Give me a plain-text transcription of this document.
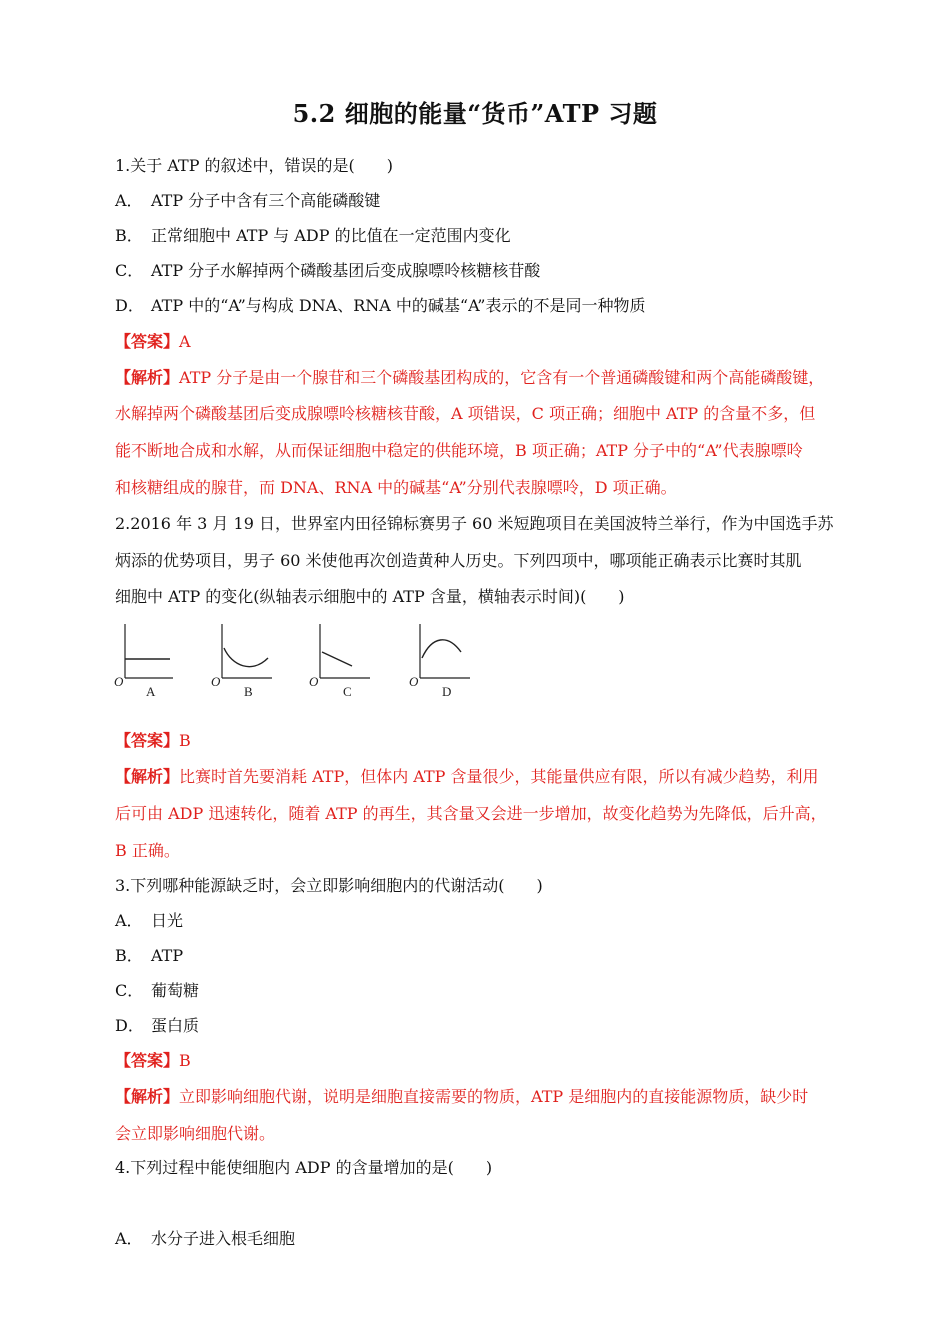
5.2 细胞的能量“货币”ATP 习题
1.关于 ATP 的叙述中，错误的是(　　)
A． ATP 分子中含有三个高能磷酸键
B． 正常细胞中 ATP 与 ADP 的比值在一定范围内变化
C． ATP 分子水解掉两个磷酸基团后变成腺嘌呤核糖核苷酸
D． ATP 中的“A”与构成 DNA、RNA 中的碱基“A”表示的不是同一种物质
【答案】A
【解析】ATP 分子是由一个腺苷和三个磷酸基团构成的，它含有一个普通磷酸键和两个高能磷酸键，
水解掉两个磷酸基团后变成腺嘌呤核糖核苷酸，A 项错误，C 项正确；细胞中 ATP 的含量不多，但
能不断地合成和水解，从而保证细胞中稳定的供能环境，B 项正确；ATP 分子中的“A”代表腺嘌呤
和核糖组成的腺苷，而 DNA、RNA 中的碱基“A”分别代表腺嘌呤，D 项正确。
2.2016 年 3 月 19 日，世界室内田径锦标赛男子 60 米短跑项目在美国波特兰举行，作为中国选手苏
炳添的优势项目，男子 60 米使他再次创造黄种人历史。下列四项中，哪项能正确表示比赛时其肌
细胞中 ATP 的变化(纵轴表示细胞中的 ATP 含量，横轴表示时间)(　　)
O
A
O
B
O
C
O
D
【答案】B
【解析】比赛时首先要消耗 ATP，但体内 ATP 含量很少，其能量供应有限，所以有减少趋势，利用
后可由 ADP 迅速转化，随着 ATP 的再生，其含量又会进一步增加，故变化趋势为先降低，后升高，
B 正确。
3.下列哪种能源缺乏时，会立即影响细胞内的代谢活动(　　)
A． 日光
B． ATP
C． 葡萄糖
D． 蛋白质
【答案】B
【解析】立即影响细胞代谢，说明是细胞直接需要的物质，ATP 是细胞内的直接能源物质，缺少时
会立即影响细胞代谢。
4.下列过程中能使细胞内 ADP 的含量增加的是(　　)
A． 水分子进入根毛细胞
